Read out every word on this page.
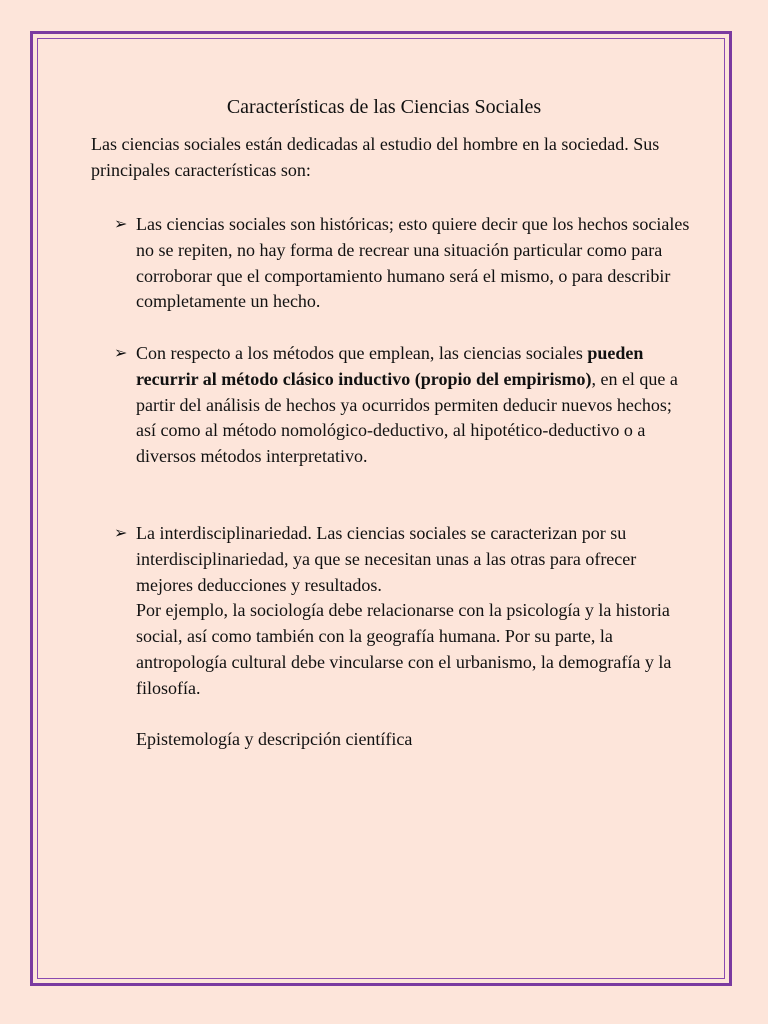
Características de las Ciencias Sociales

Las ciencias sociales están dedicadas al estudio del hombre en la sociedad. Sus principales características son:

➢ Las ciencias sociales son históricas; esto quiere decir que los hechos sociales no se repiten, no hay forma de recrear una situación particular como para corroborar que el comportamiento humano será el mismo, o para describir completamente un hecho.

➢ Con respecto a los métodos que emplean, las ciencias sociales pueden recurrir al método clásico inductivo (propio del empirismo), en el que a partir del análisis de hechos ya ocurridos permiten deducir nuevos hechos; así como al método nomológico-deductivo, al hipotético-deductivo o a diversos métodos interpretativo.

➢ La interdisciplinariedad. Las ciencias sociales se caracterizan por su interdisciplinariedad, ya que se necesitan unas a las otras para ofrecer mejores deducciones y resultados.

Por ejemplo, la sociología debe relacionarse con la psicología y la historia social, así como también con la geografía humana. Por su parte, la antropología cultural debe vincularse con el urbanismo, la demografía y la filosofía.

Epistemología y descripción científica
